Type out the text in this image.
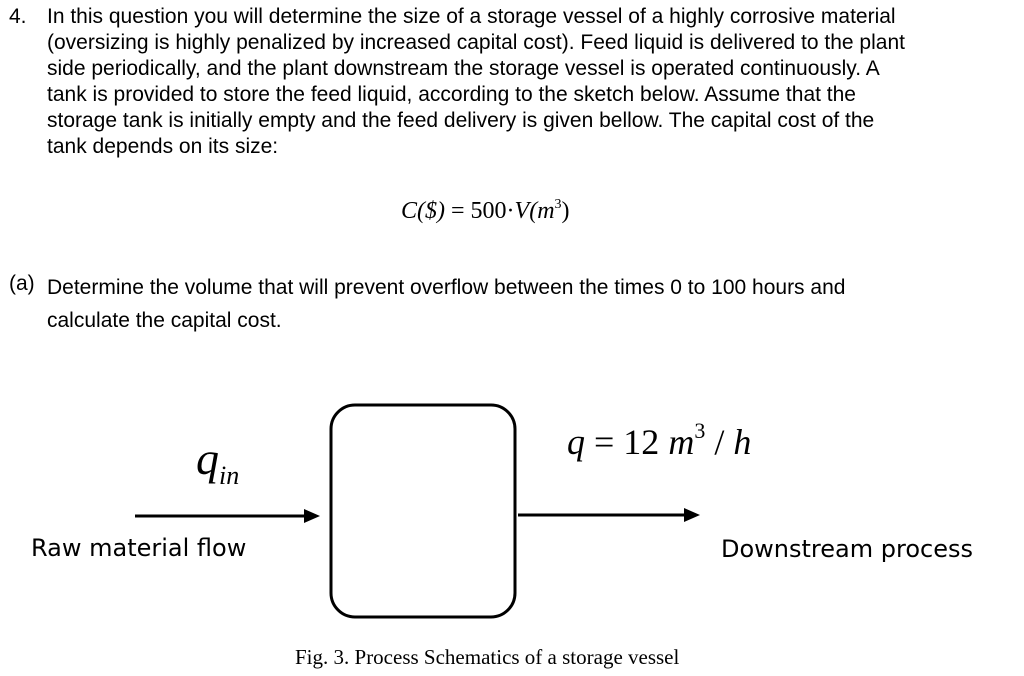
4. In this question you will determine the size of a storage vessel of a highly corrosive material
(oversizing is highly penalized by increased capital cost). Feed liquid is delivered to the plant
side periodically, and the plant downstream the storage vessel is operated continuously. A
tank is provided to store the feed liquid, according to the sketch below. Assume that the
storage tank is initially empty and the feed delivery is given bellow. The capital cost of the
tank depends on its size:
C($) = $500\cdot V(m^3)$
(a) Determine the volume that will prevent overflow between the times 0 to 100 hours and
calculate the capital cost.
$q_{in}$
q = 12 $m^3$ / h
Raw material flow	Downstream process
Fig. 3. Process Schematics of a storage vessel
